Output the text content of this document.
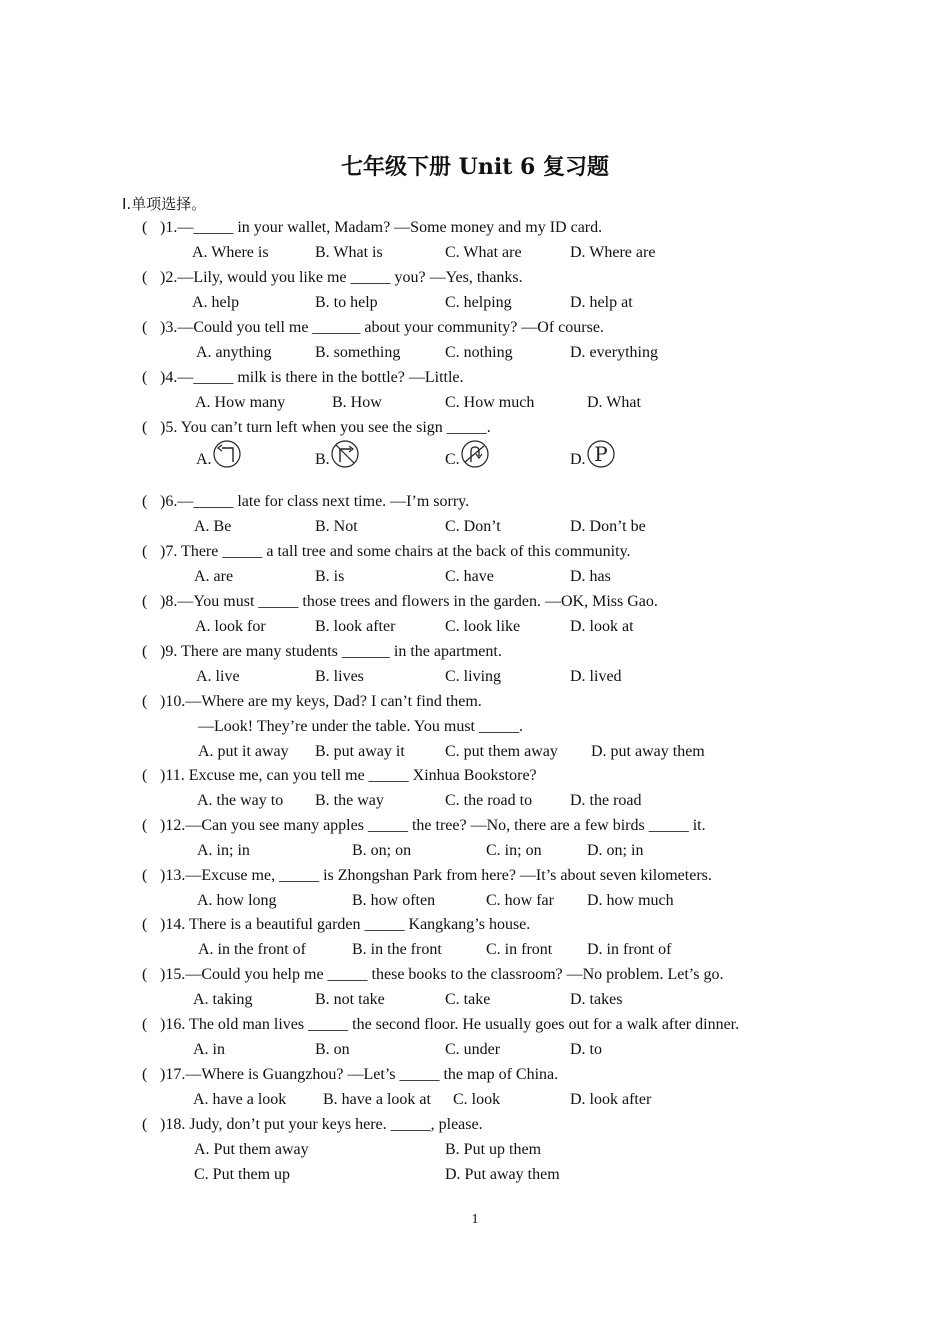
七年级下册 Unit 6 复习题
Ⅰ.单项选择。
( )1.—_____ in your wallet, Madam? —Some money and my ID card.
A. Where is	B. What is	C. What are	D. Where are
( )2.—Lily, would you like me _____ you? —Yes, thanks.
A. help	B. to help	C. helping	D. help at
( )3.—Could you tell me ______ about your community? —Of course.
A. anything	B. something	C. nothing	D. everything
( )4.—_____ milk is there in the bottle? —Little.
A. How many	B. How	C. How much	D. What
( )5. You can’t turn left when you see the sign _____.
A.	B.	C.	D. P
( )6.—_____ late for class next time. —I’m sorry.
A. Be	B. Not	C. Don’t	D. Don’t be
( )7. There _____ a tall tree and some chairs at the back of this community.
A. are	B. is	C. have	D. has
( )8.—You must _____ those trees and flowers in the garden. —OK, Miss Gao.
A. look for	B. look after	C. look like	D. look at
( )9. There are many students ______ in the apartment.
A. live	B. lives	C. living	D. lived
( )10.—Where are my keys, Dad? I can’t find them.
—Look! They’re under the table. You must _____.
A. put it away B. put away it	C. put them away D. put away them
( )11. Excuse me, can you tell me _____ Xinhua Bookstore?
A. the way to B. the way	C. the road to D. the road
( )12.—Can you see many apples _____ the tree? —No, there are a few birds _____ it.
A. in; in	B. on; on	C. in; on	D. on; in
( )13.—Excuse me, _____ is Zhongshan Park from here? —It’s about seven kilometers.
A. how long	B. how often	C. how far D. how much
( )14. There is a beautiful garden _____ Kangkang’s house.
A. in the front of	B. in the front	C. in front D. in front of
( )15.—Could you help me _____ these books to the classroom? —No problem. Let’s go.
A. taking	B. not take	C. take	D. takes
( )16. The old man lives _____ the second floor. He usually goes out for a walk after dinner.
A. in	B. on	C. under	D. to
( )17.—Where is Guangzhou? —Let’s _____ the map of China.
A. have a look B. have a look at C. look	D. look after
( )18. Judy, don’t put your keys here. _____, please.
A. Put them away	B. Put up them
C. Put them up	D. Put away them
1
